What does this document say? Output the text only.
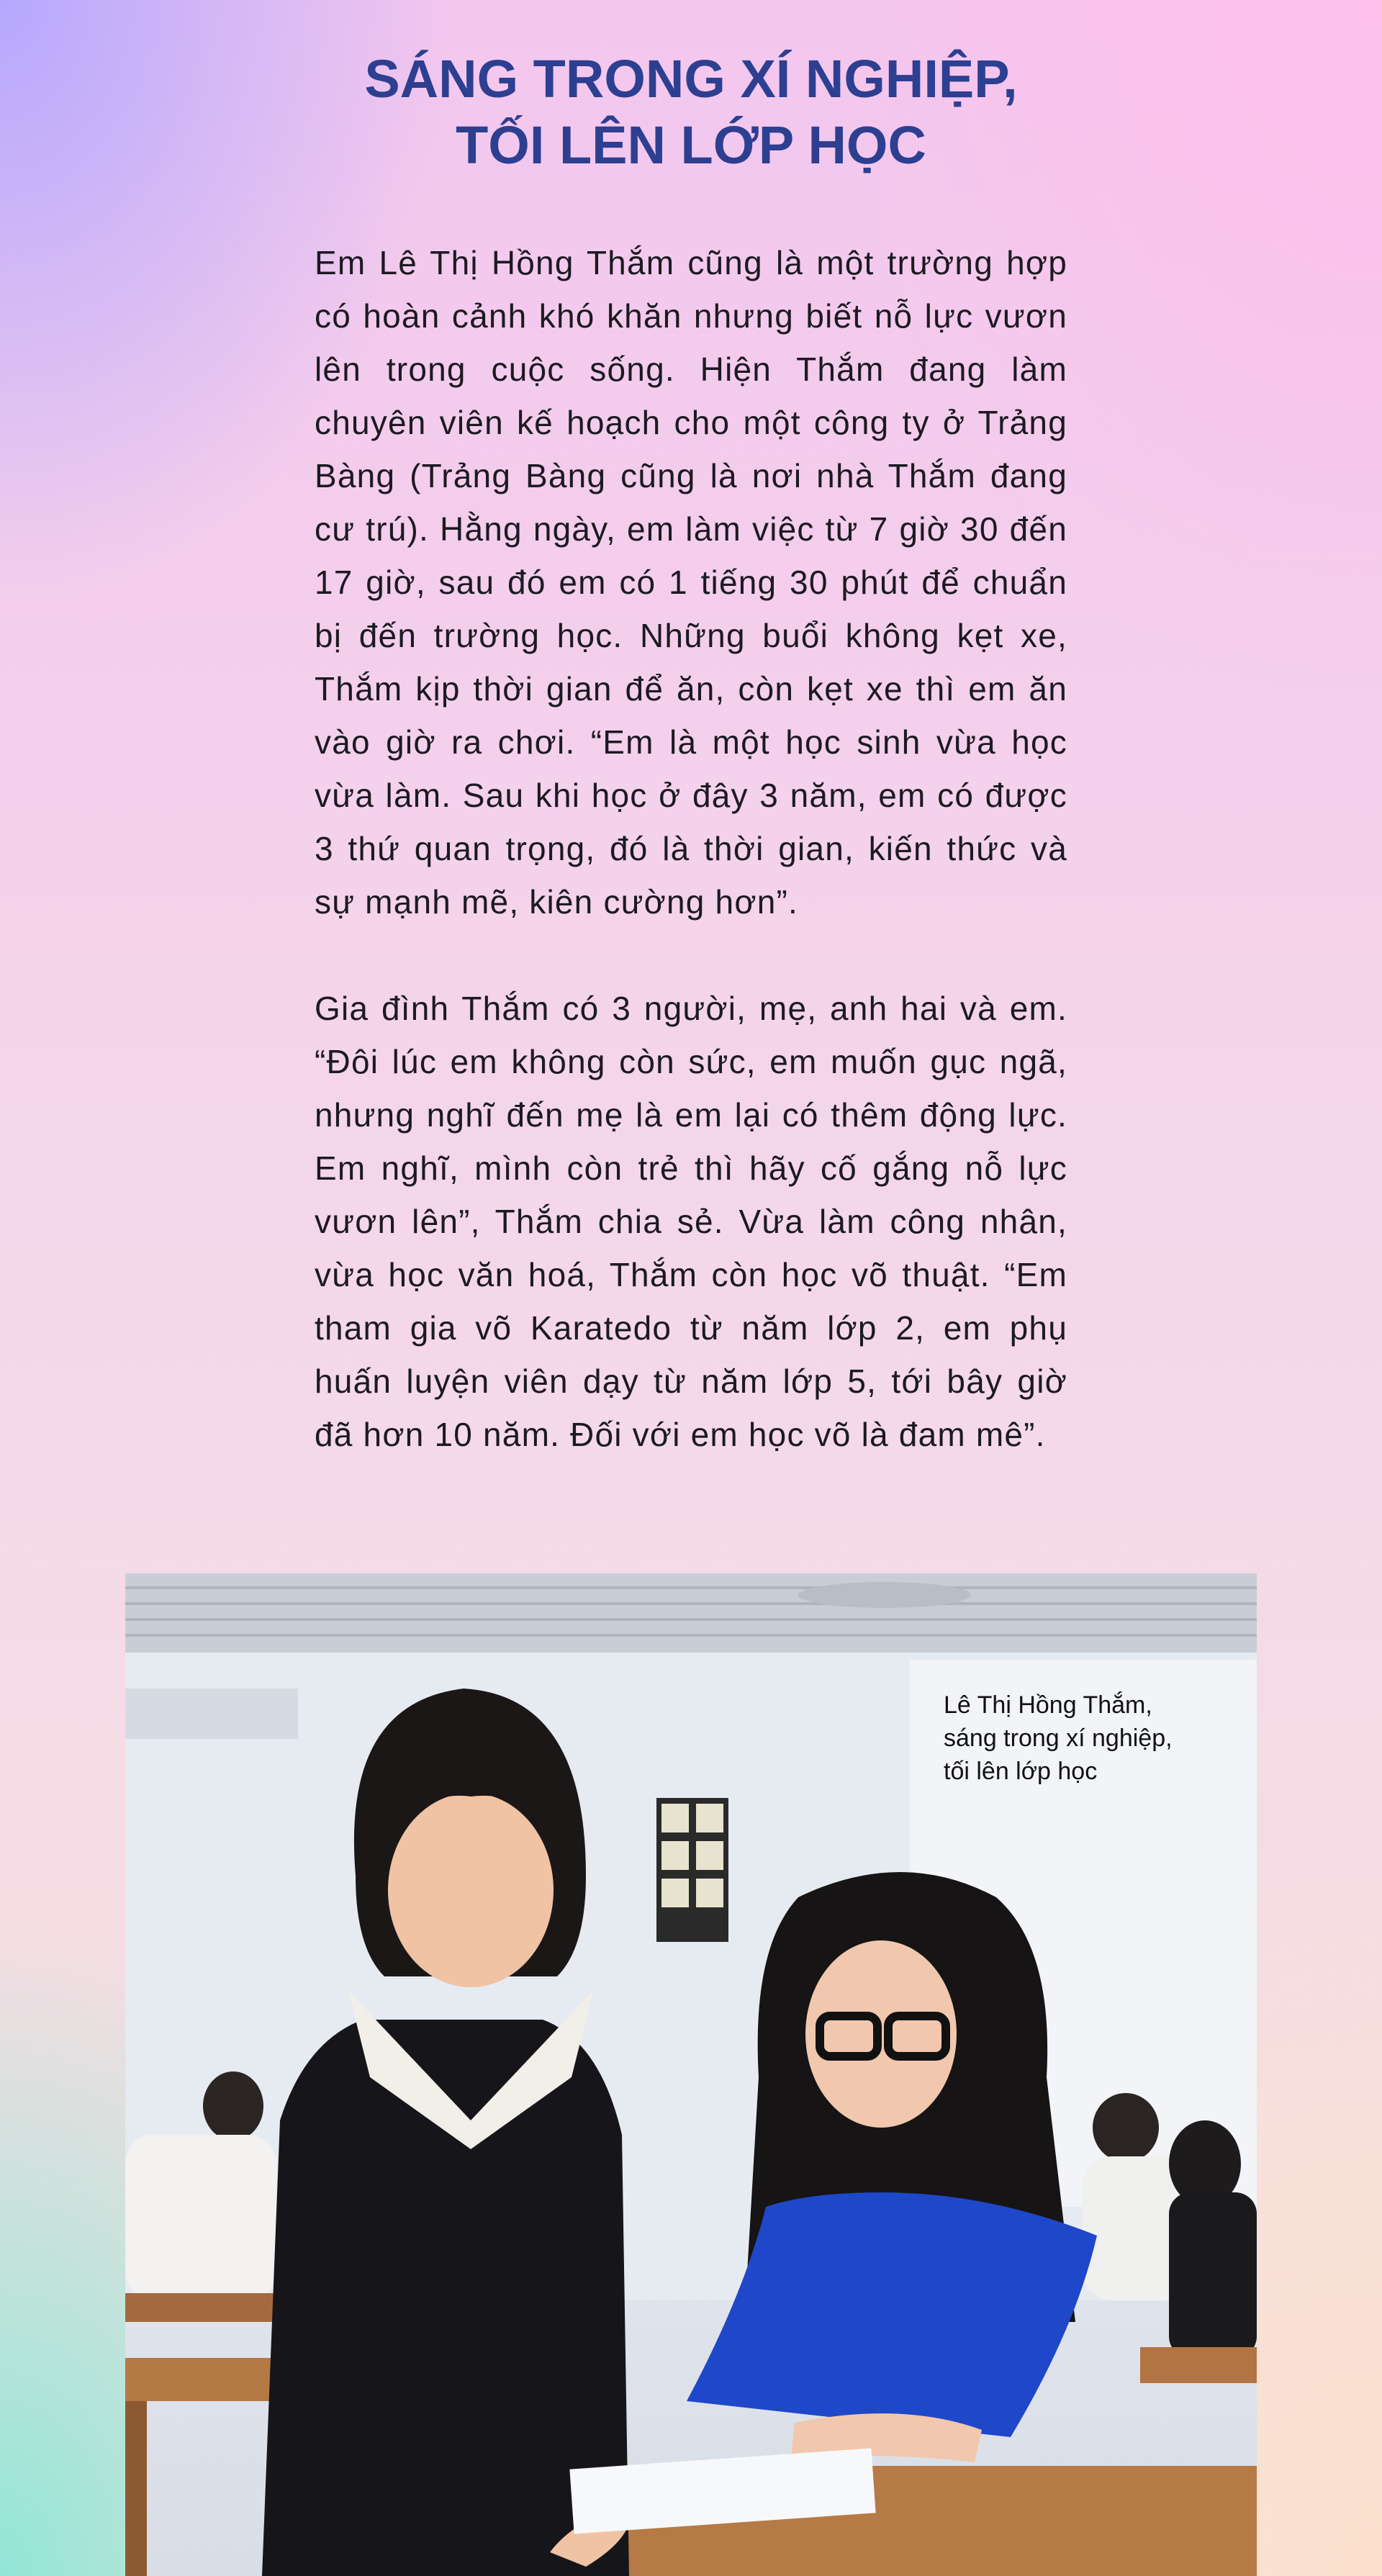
SÁNG TRONG XÍ NGHIỆP,
TỐI LÊN LỚP HỌC

Em Lê Thị Hồng Thắm cũng là một trường hợp có hoàn cảnh khó khăn nhưng biết nỗ lực vươn lên trong cuộc sống. Hiện Thắm đang làm chuyên viên kế hoạch cho một công ty ở Trảng Bàng (Trảng Bàng cũng là nơi nhà Thắm đang cư trú). Hằng ngày, em làm việc từ 7 giờ 30 đến 17 giờ, sau đó em có 1 tiếng 30 phút để chuẩn bị đến trường học. Những buổi không kẹt xe, Thắm kịp thời gian để ăn, còn kẹt xe thì em ăn vào giờ ra chơi. “Em là một học sinh vừa học vừa làm. Sau khi học ở đây 3 năm, em có được 3 thứ quan trọng, đó là thời gian, kiến thức và sự mạnh mẽ, kiên cường hơn”.

Gia đình Thắm có 3 người, mẹ, anh hai và em. “Đôi lúc em không còn sức, em muốn gục ngã, nhưng nghĩ đến mẹ là em lại có thêm động lực. Em nghĩ, mình còn trẻ thì hãy cố gắng nỗ lực vươn lên”, Thắm chia sẻ. Vừa làm công nhân, vừa học văn hoá, Thắm còn học võ thuật. “Em tham gia võ Karatedo từ năm lớp 2, em phụ huấn luyện viên dạy từ năm lớp 5, tới bây giờ đã hơn 10 năm. Đối với em học võ là đam mê”.

Lê Thị Hồng Thắm,
sáng trong xí nghiệp,
tối lên lớp học
